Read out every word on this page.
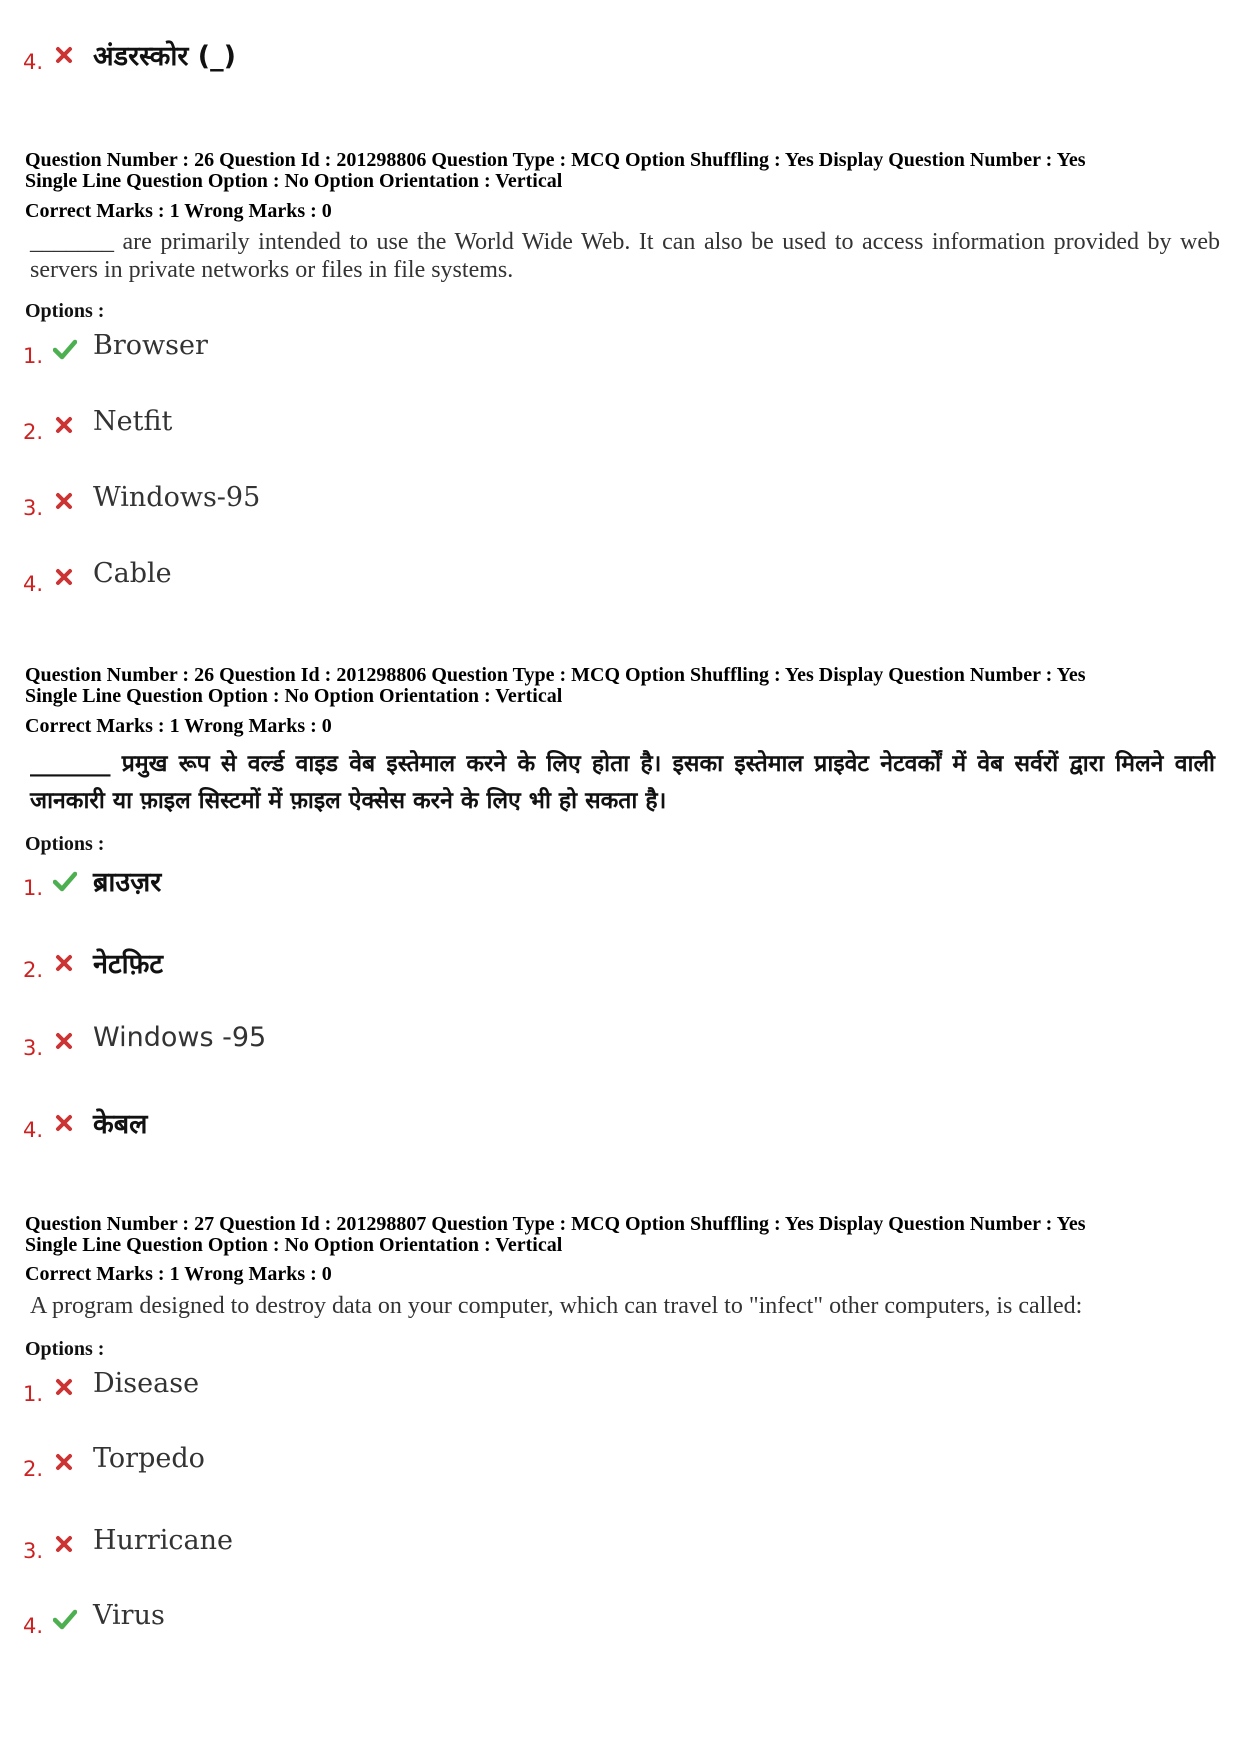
4. अंडरस्कोर (_)
Question Number : 26 Question Id : 201298806 Question Type : MCQ Option Shuffling : Yes Display Question Number : Yes
Single Line Question Option : No Option Orientation : Vertical
Correct Marks : 1 Wrong Marks : 0
_______ are primarily intended to use the World Wide Web. It can also be used to access information provided by web servers in private networks or files in file systems.
Options :
1. Browser
2. Netfit
3. Windows-95
4. Cable
Question Number : 26 Question Id : 201298806 Question Type : MCQ Option Shuffling : Yes Display Question Number : Yes
Single Line Question Option : No Option Orientation : Vertical
Correct Marks : 1 Wrong Marks : 0
_______ प्रमुख रूप से वर्ल्ड वाइड वेब इस्तेमाल करने के लिए होता है। इसका इस्तेमाल प्राइवेट नेटवर्कों में वेब सर्वरों द्वारा मिलने वाली जानकारी या फ़ाइल सिस्टमों में फ़ाइल ऐक्सेस करने के लिए भी हो सकता है।
Options :
1. ब्राउज़र
2. नेटफ़िट
3. Windows -95
4. केबल
Question Number : 27 Question Id : 201298807 Question Type : MCQ Option Shuffling : Yes Display Question Number : Yes
Single Line Question Option : No Option Orientation : Vertical
Correct Marks : 1 Wrong Marks : 0
A program designed to destroy data on your computer, which can travel to "infect" other computers, is called:
Options :
1. Disease
2. Torpedo
3. Hurricane
4. Virus
